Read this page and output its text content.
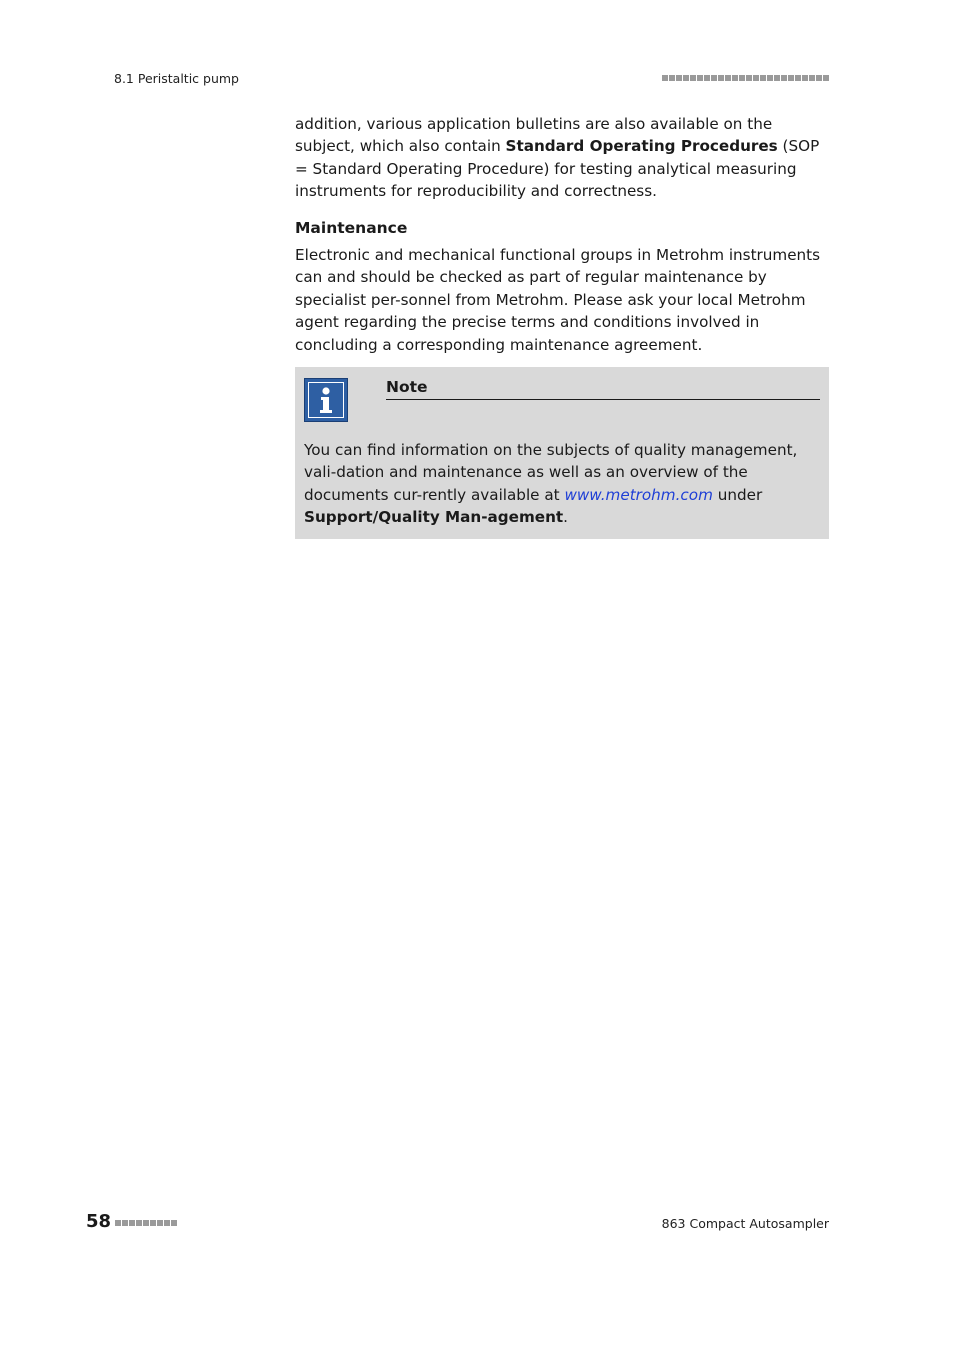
8.1 Peristaltic pump

addition, various application bulletins are also available on the subject, which also contain Standard Operating Procedures (SOP = Standard Operating Procedure) for testing analytical measuring instruments for reproducibility and correctness.

Maintenance

Electronic and mechanical functional groups in Metrohm instruments can and should be checked as part of regular maintenance by specialist per-sonnel from Metrohm. Please ask your local Metrohm agent regarding the precise terms and conditions involved in concluding a corresponding maintenance agreement.

Note
You can find information on the subjects of quality management, vali-dation and maintenance as well as an overview of the documents cur-rently available at www.metrohm.com under Support/Quality Man-agement.
58	863 Compact Autosampler
